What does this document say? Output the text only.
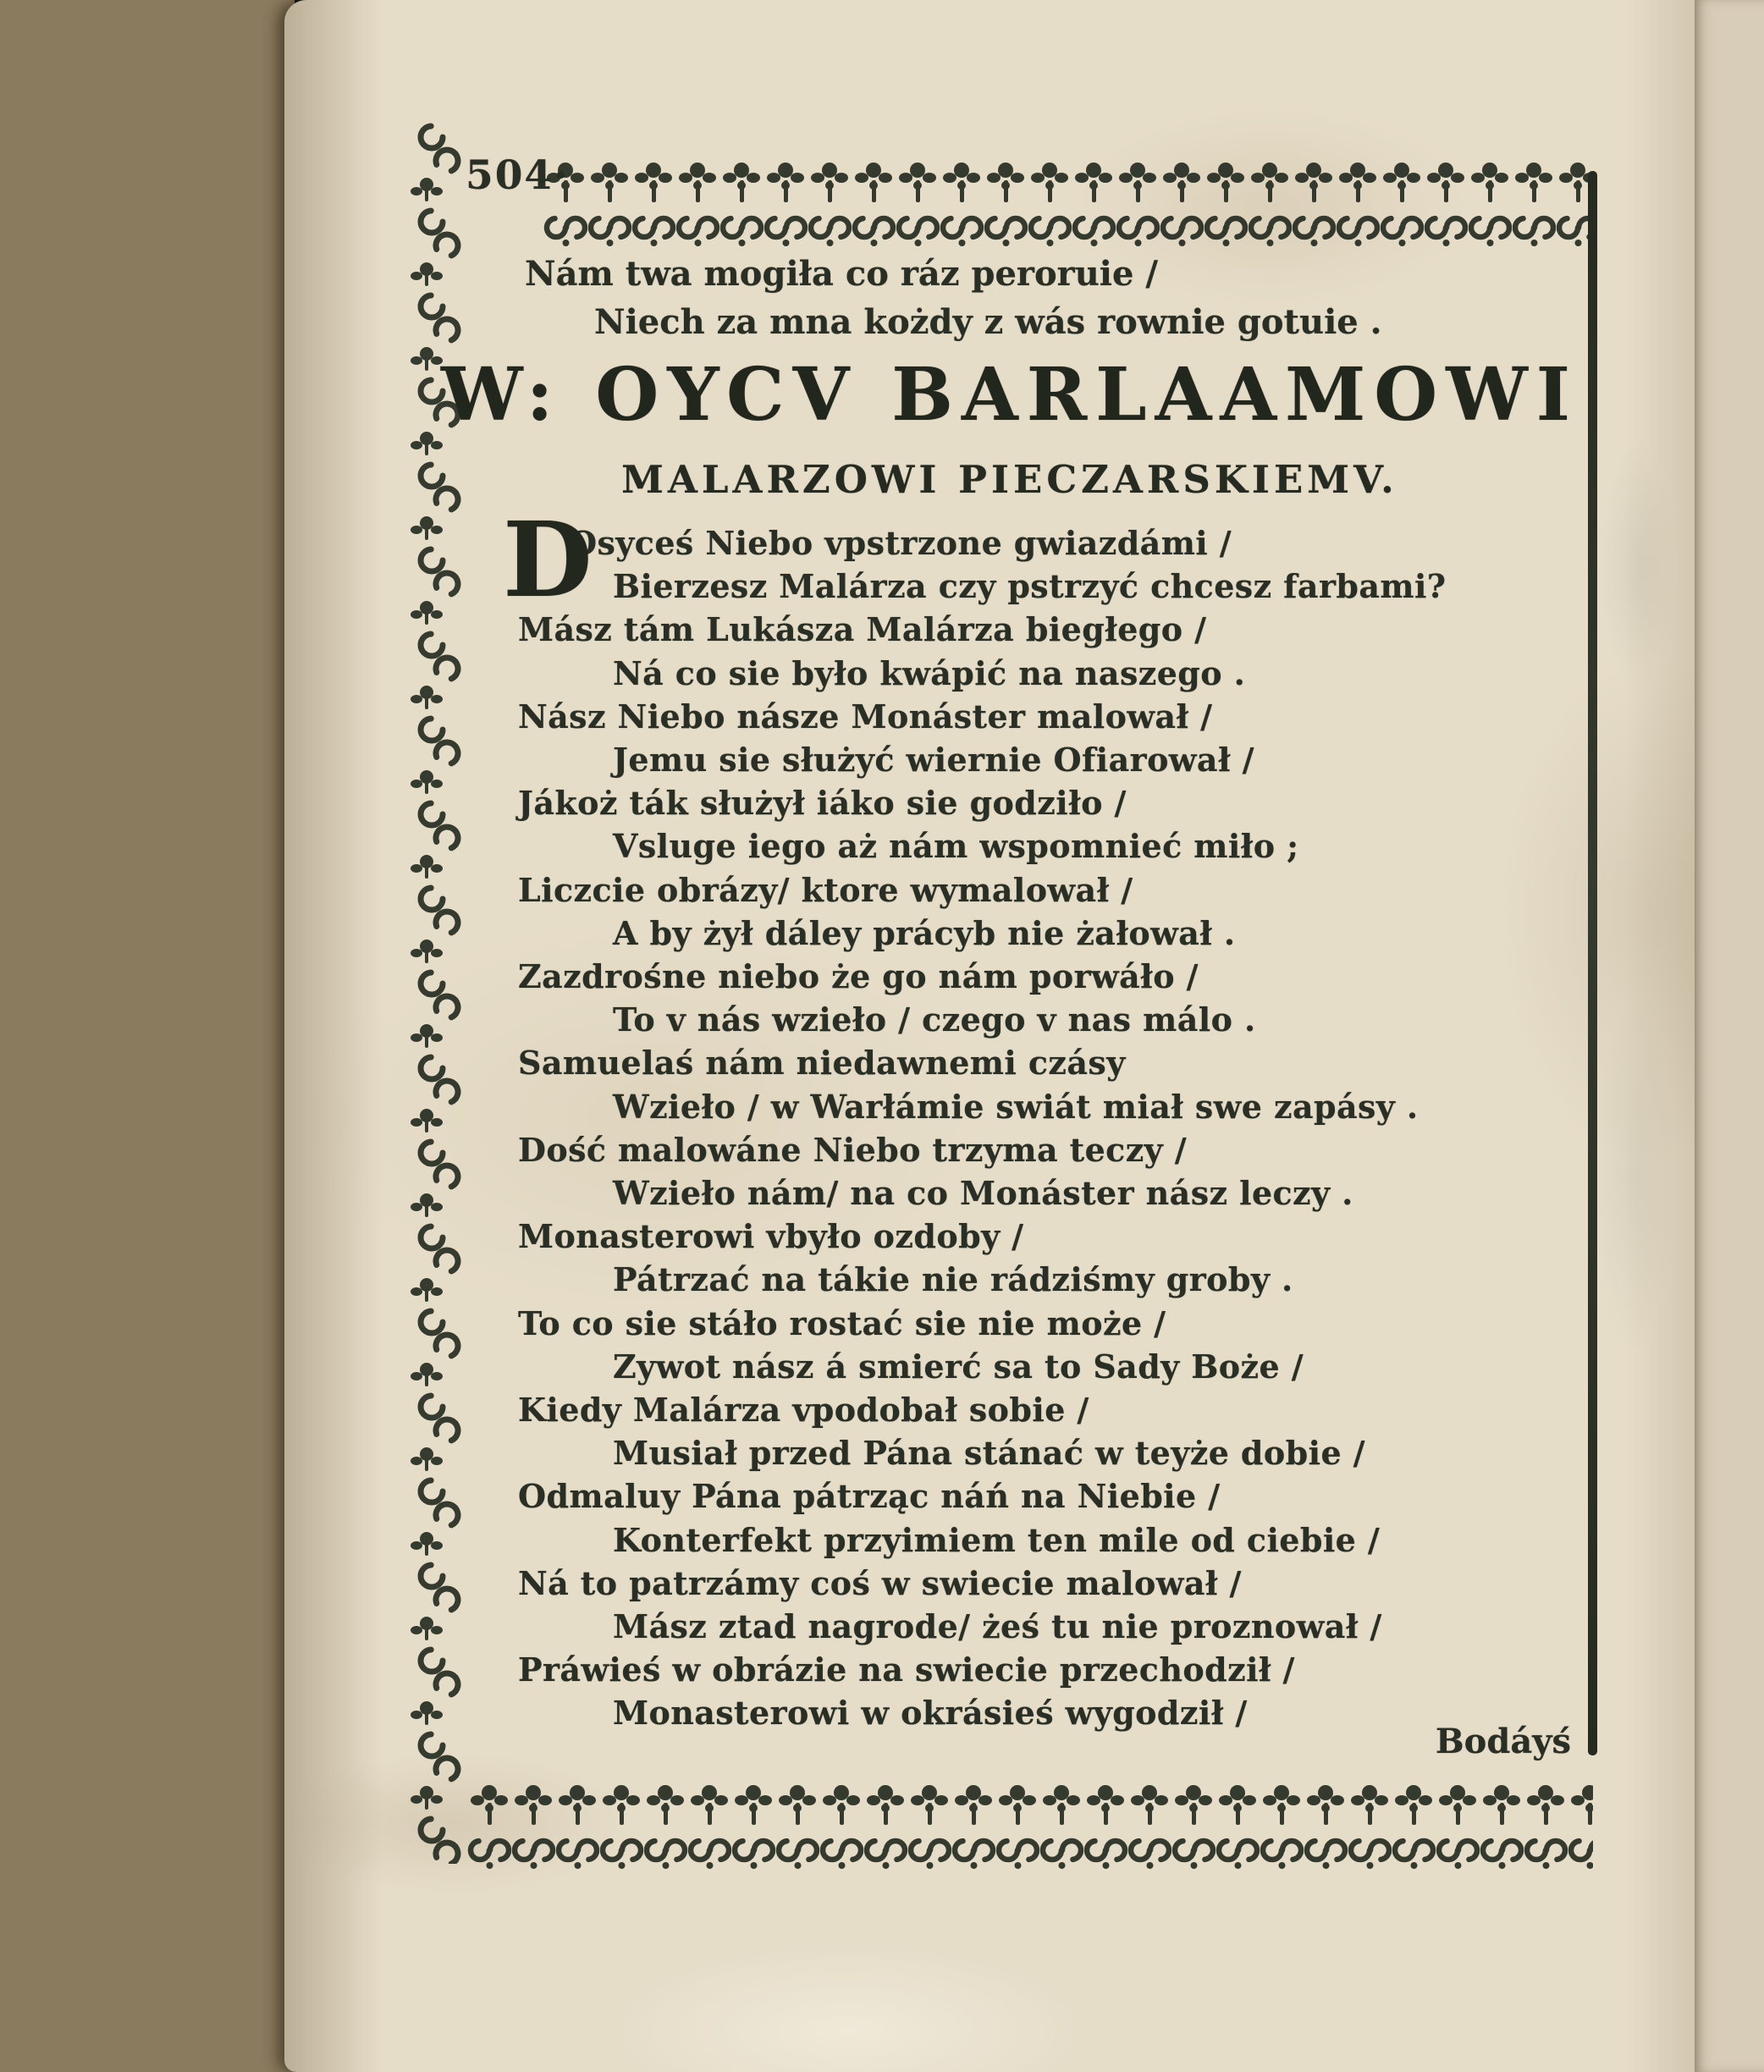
504·
Nám twa mogiła co ráz peroruie /
Niech za mna kożdy z wás rownie gotuie .
W: OYCV BARLAAMOWI
MALARZOWI PIECZARSKIEMV.
D
Osyceś Niebo vpstrzone gwiazdámi /
Bierzesz Malárza czy pstrzyć chcesz farbami?
Mász tám Lukásza Malárza biegłego /
Ná co sie było kwápić na naszego .
Nász Niebo násze Monáster malował /
Jemu sie służyć wiernie Ofiarował /
Jákoż ták służył iáko sie godziło /
Vsluge iego aż nám wspomnieć miło ;
Liczcie obrázy/ ktore wymalował /
A by żył dáley prácyb nie żałował .
Zazdrośne niebo że go nám porwáło /
To v nás wzieło / czego v nas málo .
Samuelaś nám niedawnemi czásy
Wzieło / w Warłámie swiát miał swe zapásy .
Dość malowáne Niebo trzyma teczy /
Wzieło nám/ na co Monáster nász leczy .
Monasterowi vbyło ozdoby /
Pátrzać na tákie nie rádziśmy groby .
To co sie stáło rostać sie nie może /
Zywot nász á smierć sa to Sady Boże /
Kiedy Malárza vpodobał sobie /
Musiał przed Pána stánać w teyże dobie /
Odmaluy Pána pátrząc náń na Niebie /
Konterfekt przyimiem ten mile od ciebie /
Ná to patrzámy coś w swiecie malował /
Mász ztad nagrode/ żeś tu nie proznował /
Práwieś w obrázie na swiecie przechodził /
Monasterowi w okrásieś wygodził /
Bodáyś
